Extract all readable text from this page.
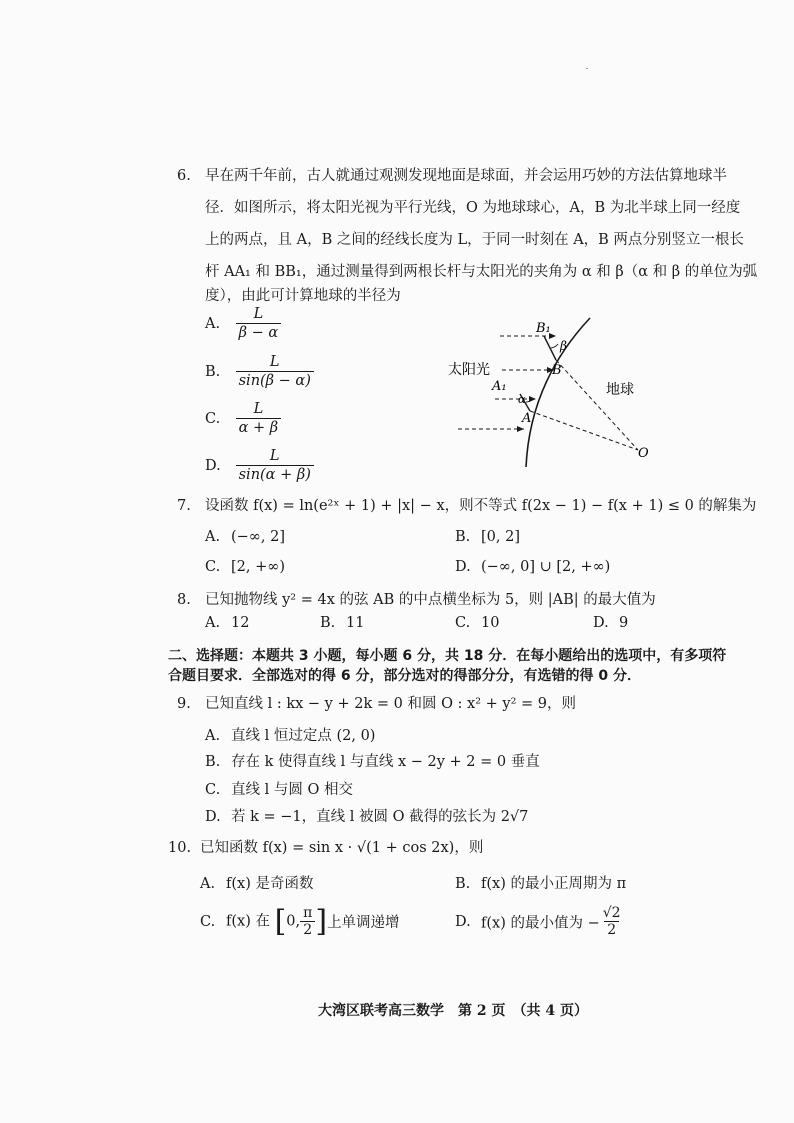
6. 早在两千年前，古人就通过观测发现地面是球面，并会运用巧妙的方法估算地球半
径．如图所示，将太阳光视为平行光线，O 为地球球心，A，B 为北半球上同一经度
上的两点，且 A，B 之间的经线长度为 L，于同一时刻在 A，B 两点分别竖立一根长
杆 AA₁ 和 BB₁，通过测量得到两根长杆与太阳光的夹角为 α 和 β（α 和 β 的单位为弧
度），由此可计算地球的半径为
A. $\frac{L}{\beta - \alpha}$
B. $\frac{L}{\sin(\beta - \alpha)}$
C. $\frac{L}{\alpha + \beta}$
D. $\frac{L}{\sin(\alpha + \beta)}$
B₁
β
B
太阳光
地球
A₁
α
A
O
7. 设函数 f(x) = ln(e²ˣ + 1) + |x| − x，则不等式 f(2x − 1) − f(x + 1) ≤ 0 的解集为
A. (−∞, 2]	B. [0, 2]
C. [2, +∞)	D. (−∞, 0] ∪ [2, +∞)
8. 已知抛物线 y² = 4x 的弦 AB 的中点横坐标为 5，则 |AB| 的最大值为
A. 12	B. 11	C. 10	D. 9
二、选择题：本题共 3 小题，每小题 6 分，共 18 分．在每小题给出的选项中，有多项符
合题目要求．全部选对的得 6 分，部分选对的得部分分，有选错的得 0 分．
9. 已知直线 l : kx − y + 2k = 0 和圆 O : x² + y² = 9，则
A. 直线 l 恒过定点 (2, 0)
B. 存在 k 使得直线 l 与直线 x − 2y + 2 = 0 垂直
C. 直线 l 与圆 O 相交
D. 若 k = −1，直线 l 被圆 O 截得的弦长为 2√7
10. 已知函数 f(x) = sin x · √(1 + cos 2x)，则
A. f(x) 是奇函数	B. f(x) 的最小正周期为 π
C. f(x) 在 [0, $\frac{\pi}{2}$ ]上单调递增	D. f(x) 的最小值为 − $\frac{√2}{2}$
大湾区联考高三数学　第 2 页　（共 4 页）
